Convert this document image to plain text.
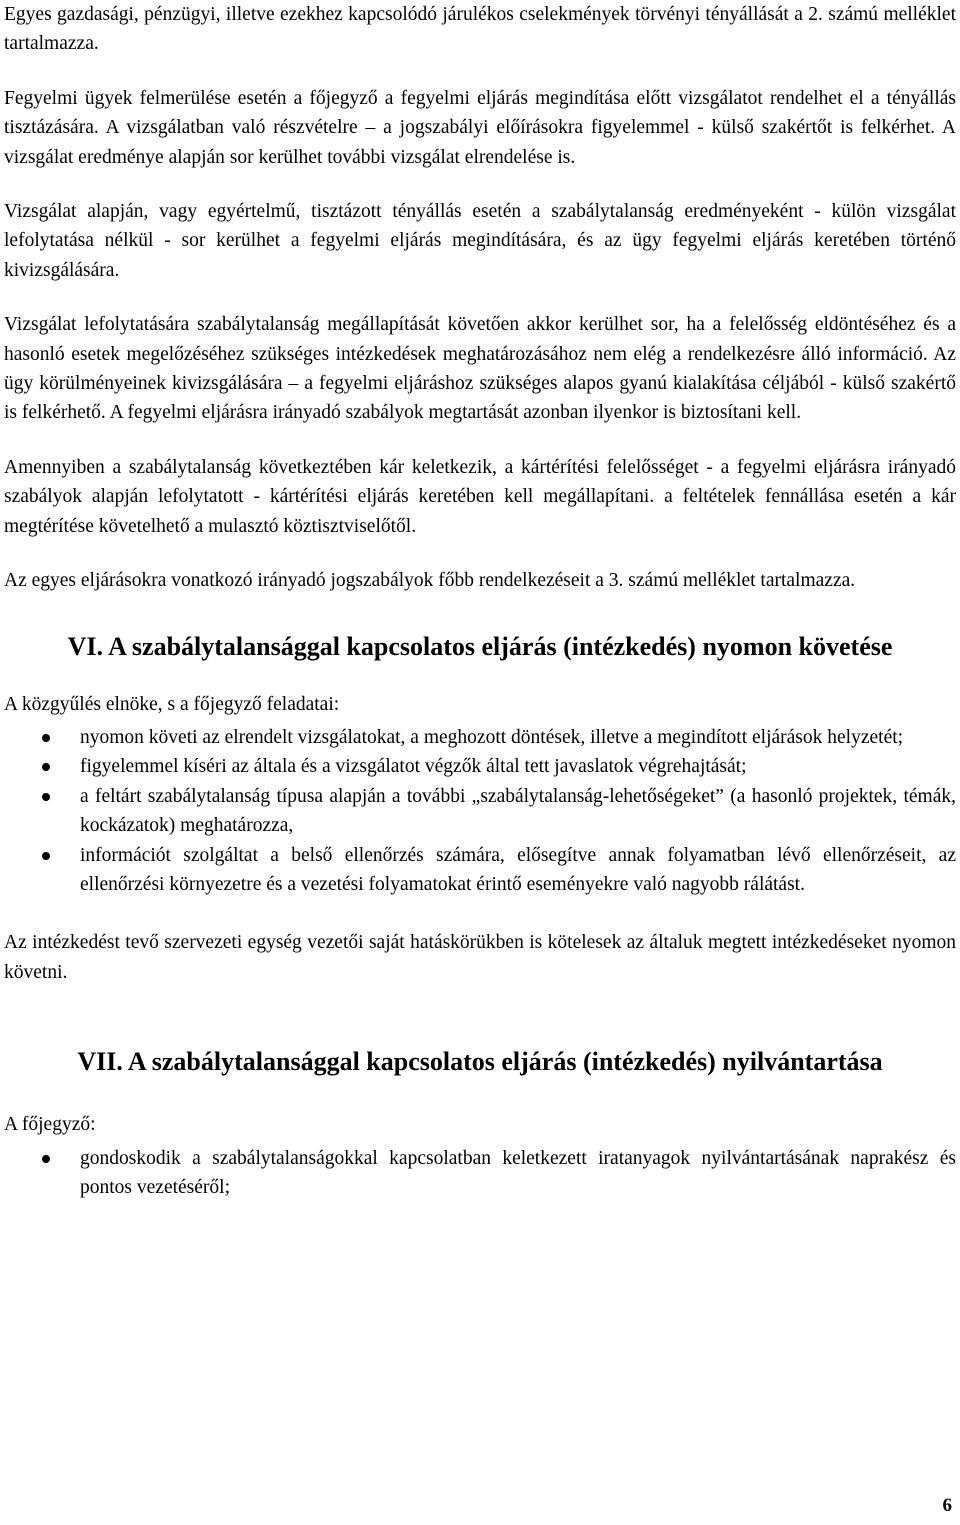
Egyes gazdasági, pénzügyi, illetve ezekhez kapcsolódó járulékos cselekmények törvényi tényállását a 2. számú melléklet tartalmazza.

Fegyelmi ügyek felmerülése esetén a főjegyző a fegyelmi eljárás megindítása előtt vizsgálatot rendelhet el a tényállás tisztázására. A vizsgálatban való részvételre – a jogszabályi előírásokra figyelemmel - külső szakértőt is felkérhet. A vizsgálat eredménye alapján sor kerülhet további vizsgálat elrendelése is.

Vizsgálat alapján, vagy egyértelmű, tisztázott tényállás esetén a szabálytalanság eredményeként - külön vizsgálat lefolytatása nélkül - sor kerülhet a fegyelmi eljárás megindítására, és az ügy fegyelmi eljárás keretében történő kivizsgálására.

Vizsgálat lefolytatására szabálytalanság megállapítását követően akkor kerülhet sor, ha a felelősség eldöntéséhez és a hasonló esetek megelőzéséhez szükséges intézkedések meghatározásához nem elég a rendelkezésre álló információ. Az ügy körülményeinek kivizsgálására – a fegyelmi eljáráshoz szükséges alapos gyanú kialakítása céljából - külső szakértő is felkérhető. A fegyelmi eljárásra irányadó szabályok megtartását azonban ilyenkor is biztosítani kell.

Amennyiben a szabálytalanság következtében kár keletkezik, a kártérítési felelősséget - a fegyelmi eljárásra irányadó szabályok alapján lefolytatott - kártérítési eljárás keretében kell megállapítani. a feltételek fennállása esetén a kár megtérítése követelhető a mulasztó köztisztviselőtől.

Az egyes eljárásokra vonatkozó irányadó jogszabályok főbb rendelkezéseit a 3. számú melléklet tartalmazza.

VI. A szabálytalansággal kapcsolatos eljárás (intézkedés) nyomon követése

A közgyűlés elnöke, s a főjegyző feladatai:

nyomon követi az elrendelt vizsgálatokat, a meghozott döntések, illetve a megindított eljárások helyzetét;
figyelemmel kíséri az általa és a vizsgálatot végzők által tett javaslatok végrehajtását;
a feltárt szabálytalanság típusa alapján a további „szabálytalanság-lehetőségeket” (a hasonló projektek, témák, kockázatok) meghatározza,
információt szolgáltat a belső ellenőrzés számára, elősegítve annak folyamatban lévő ellenőrzéseit, az ellenőrzési környezetre és a vezetési folyamatokat érintő eseményekre való nagyobb rálátást.

Az intézkedést tevő szervezeti egység vezetői saját hatáskörükben is kötelesek az általuk megtett intézkedéseket nyomon követni.

VII. A szabálytalansággal kapcsolatos eljárás (intézkedés) nyilvántartása

A főjegyző:

gondoskodik a szabálytalanságokkal kapcsolatban keletkezett iratanyagok nyilvántartásának naprakész és pontos vezetéséről;
6
